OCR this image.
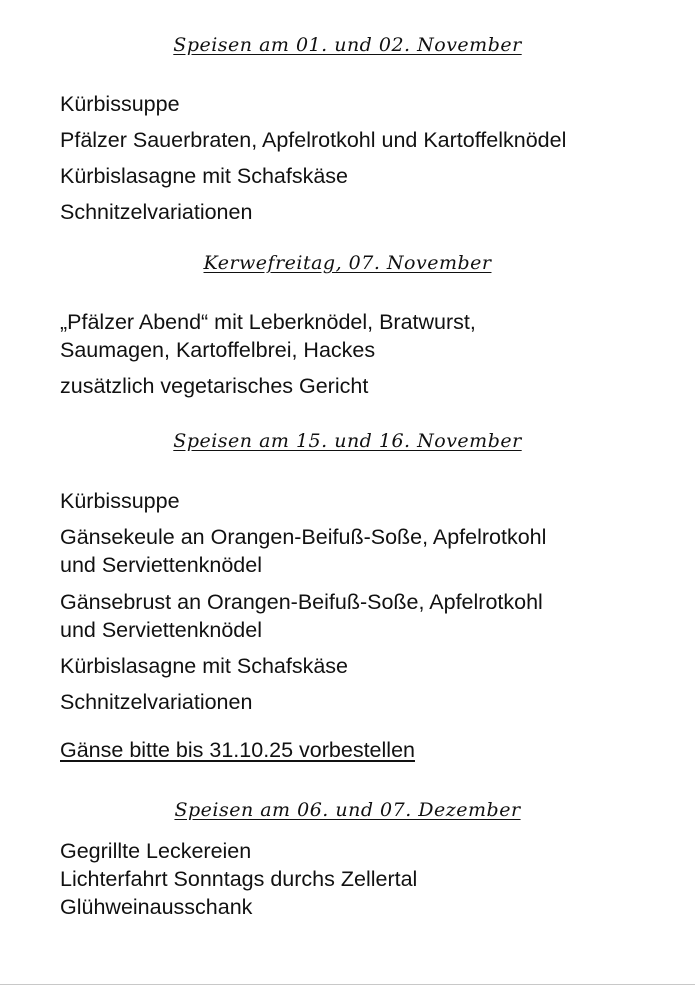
Speisen am 01. und 02. November
Kürbissuppe
Pfälzer Sauerbraten, Apfelrotkohl und Kartoffelknödel
Kürbislasagne mit Schafskäse
Schnitzelvariationen
Kerwefreitag, 07. November
„Pfälzer Abend“ mit Leberknödel, Bratwurst,
Saumagen, Kartoffelbrei, Hackes
zusätzlich vegetarisches Gericht
Speisen am 15. und 16. November
Kürbissuppe
Gänsekeule an Orangen-Beifuß-Soße, Apfelrotkohl
und Serviettenknödel
Gänsebrust an Orangen-Beifuß-Soße, Apfelrotkohl
und Serviettenknödel
Kürbislasagne mit Schafskäse
Schnitzelvariationen
Gänse bitte bis 31.10.25 vorbestellen
Speisen am 06. und 07. Dezember
Gegrillte Leckereien
Lichterfahrt Sonntags durchs Zellertal
Glühweinausschank
